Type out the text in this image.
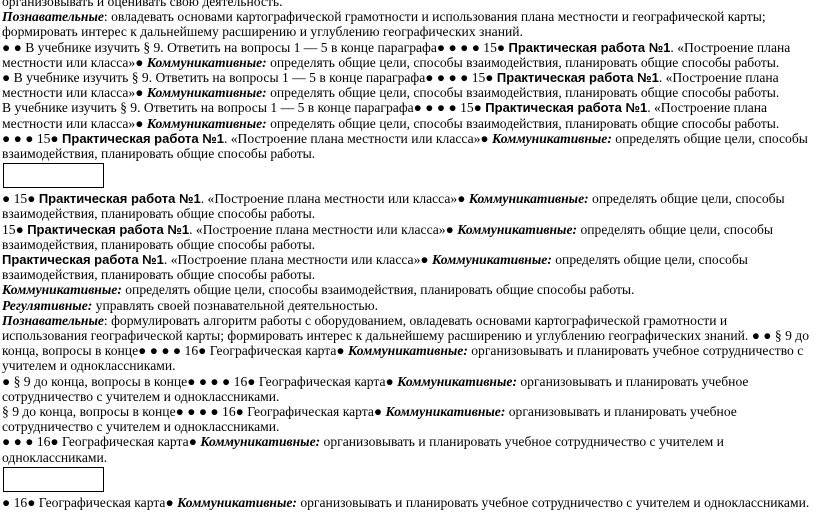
организовывать и оценивать свою деятельность.

Познавательные: овладевать основами картографической грамотности и использования плана местности и географической карты; формировать интерес к дальнейшему расширению и углублению географических знаний.

● ● В учебнике изучить § 9. Ответить на вопросы 1 — 5 в конце параграфа● ● ● ● 15● Практическая работа №1. «Построение плана местности или класса»● Коммуникативные: определять общие цели, способы взаимодействия, планировать общие способы работы.

● В учебнике изучить § 9. Ответить на вопросы 1 — 5 в конце параграфа● ● ● ● 15● Практическая работа №1. «Построение плана местности или класса»● Коммуникативные: определять общие цели, способы взаимодействия, планировать общие способы работы.

В учебнике изучить § 9. Ответить на вопросы 1 — 5 в конце параграфа● ● ● ● 15● Практическая работа №1. «Построение плана местности или класса»● Коммуникативные: определять общие цели, способы взаимодействия, планировать общие способы работы.

● ● ● 15● Практическая работа №1. «Построение плана местности или класса»● Коммуникативные: определять общие цели, способы взаимодействия, планировать общие способы работы.

● 15● Практическая работа №1. «Построение плана местности или класса»● Коммуникативные: определять общие цели, способы взаимодействия, планировать общие способы работы.

15● Практическая работа №1. «Построение плана местности или класса»● Коммуникативные: определять общие цели, способы взаимодействия, планировать общие способы работы.

Практическая работа №1. «Построение плана местности или класса»● Коммуникативные: определять общие цели, способы взаимодействия, планировать общие способы работы.

Коммуникативные: определять общие цели, способы взаимодействия, планировать общие способы работы.

Регулятивные: управлять своей познавательной деятельностью.

Познавательные: формулировать алгоритм работы с оборудованием, овладевать основами картографической грамотности и использования географической карты; формировать интерес к дальнейшему расширению и углублению географических знаний. ● ● § 9 до конца, вопросы в конце● ● ● ● 16● Географическая карта● Коммуникативные: организовывать и планировать учебное сотрудничество с учителем и одноклассниками.

● § 9 до конца, вопросы в конце● ● ● ● 16● Географическая карта● Коммуникативные: организовывать и планировать учебное сотрудничество с учителем и одноклассниками.

§ 9 до конца, вопросы в конце● ● ● ● 16● Географическая карта● Коммуникативные: организовывать и планировать учебное сотрудничество с учителем и одноклассниками.

● ● ● 16● Географическая карта● Коммуникативные: организовывать и планировать учебное сотрудничество с учителем и одноклассниками.

● 16● Географическая карта● Коммуникативные: организовывать и планировать учебное сотрудничество с учителем и одноклассниками.
